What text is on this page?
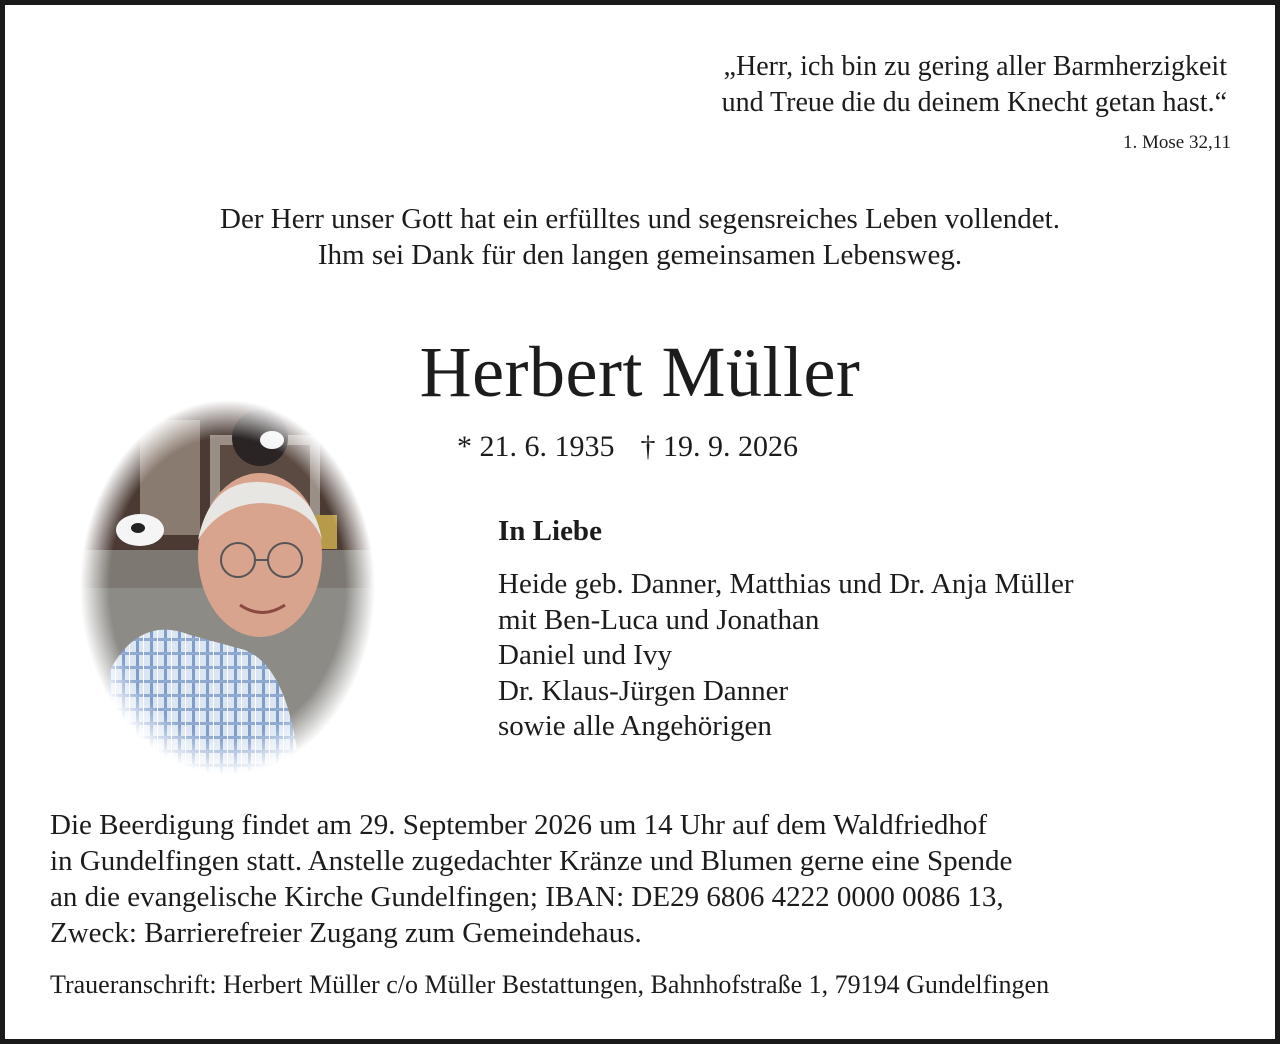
„Herr, ich bin zu gering aller Barmherzigkeit
und Treue die du deinem Knecht getan hast.“
1. Mose 32,11
Der Herr unser Gott hat ein erfülltes und segensreiches Leben vollendet.
Ihm sei Dank für den langen gemeinsamen Lebensweg.
Herbert Müller
* 21. 6. 1935 † 19. 9. 2026
In Liebe
Heide geb. Danner, Matthias und Dr. Anja Müller
mit Ben-Luca und Jonathan
Daniel und Ivy
Dr. Klaus-Jürgen Danner
sowie alle Angehörigen
Die Beerdigung findet am 29. September 2026 um 14 Uhr auf dem Waldfriedhof
in Gundelfingen statt. Anstelle zugedachter Kränze und Blumen gerne eine Spende
an die evangelische Kirche Gundelfingen; IBAN: DE29 6806 4222 0000 0086 13,
Zweck: Barrierefreier Zugang zum Gemeindehaus.
Traueranschrift: Herbert Müller c/o Müller Bestattungen, Bahnhofstraße 1, 79194 Gundelfingen
